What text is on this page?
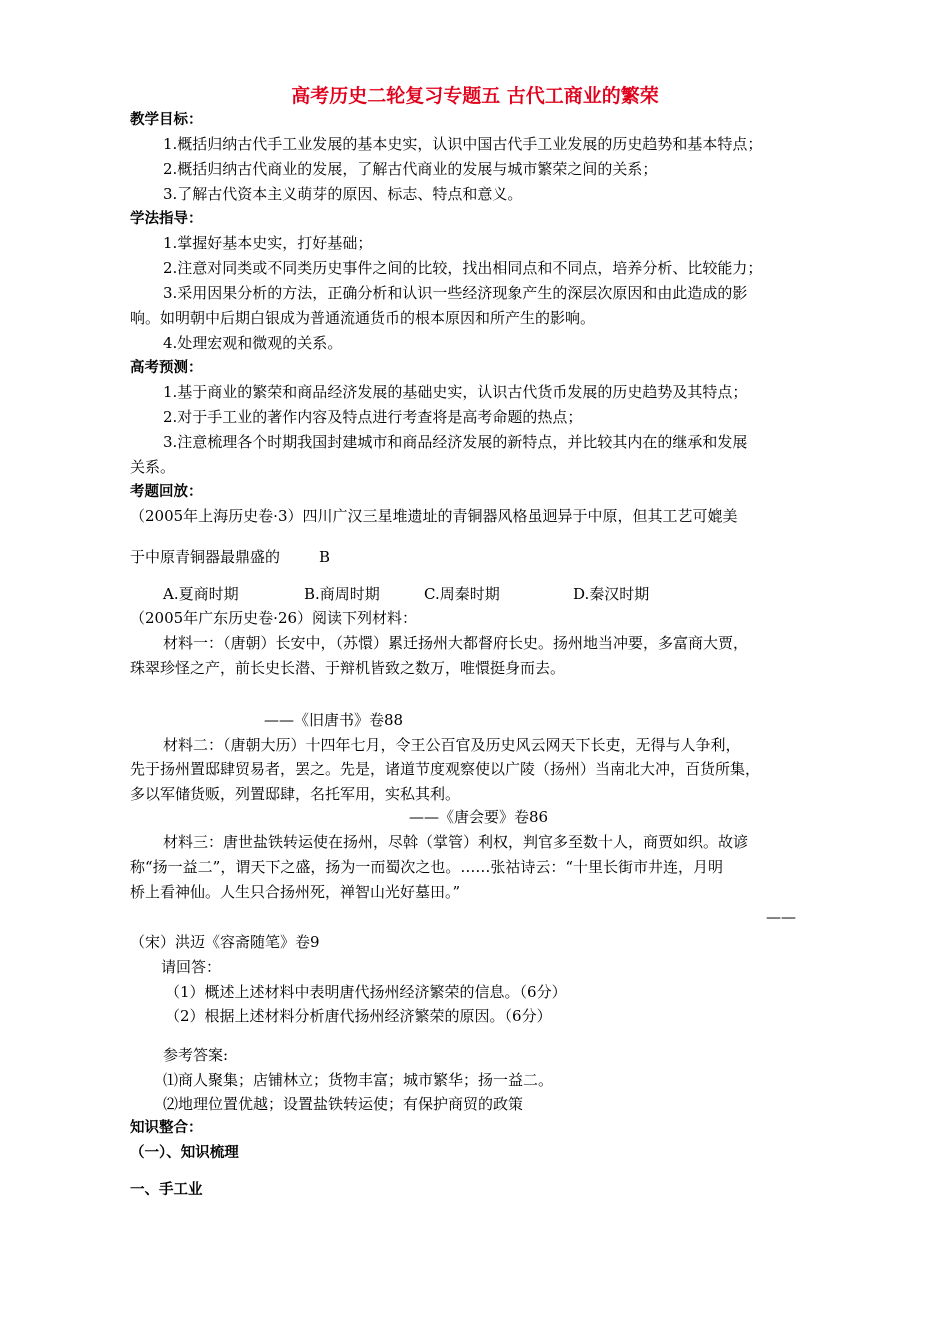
高考历史二轮复习专题五 古代工商业的繁荣
教学目标：
1.概括归纳古代手工业发展的基本史实，认识中国古代手工业发展的历史趋势和基本特点；
2.概括归纳古代商业的发展，了解古代商业的发展与城市繁荣之间的关系；
3.了解古代资本主义萌芽的原因、标志、特点和意义。
学法指导：
1.掌握好基本史实，打好基础；
2.注意对同类或不同类历史事件之间的比较，找出相同点和不同点，培养分析、比较能力；
3.采用因果分析的方法，正确分析和认识一些经济现象产生的深层次原因和由此造成的影
响。如明朝中后期白银成为普通流通货币的根本原因和所产生的影响。
4.处理宏观和微观的关系。
高考预测：
1.基于商业的繁荣和商品经济发展的基础史实，认识古代货币发展的历史趋势及其特点；
2.对于手工业的著作内容及特点进行考查将是高考命题的热点；
3.注意梳理各个时期我国封建城市和商品经济发展的新特点，并比较其内在的继承和发展
关系。
考题回放：
（2005年上海历史卷·3）四川广汉三星堆遗址的青铜器风格虽迥异于中原，但其工艺可媲美
于中原青铜器最鼎盛的	B
A.夏商时期	B.商周时期	C.周秦时期	D.秦汉时期
（2005年广东历史卷·26）阅读下列材料：
材料一：（唐朝）长安中，（苏懁）累迁扬州大都督府长史。扬州地当冲要，多富商大贾，
珠翠珍怪之产，前长史长潜、于辩机皆致之数万，唯懁挺身而去。
——《旧唐书》卷88
材料二：（唐朝大历）十四年七月，令王公百官及历史风云网天下长吏，无得与人争利，
先于扬州置邸肆贸易者，罢之。先是，诸道节度观察使以广陵（扬州）当南北大冲，百货所集，
多以军储货贩，列置邸肆，名托军用，实私其利。
——《唐会要》卷86
材料三：唐世盐铁转运使在扬州，尽斡（掌管）利权，判官多至数十人，商贾如织。故谚
称“扬一益二”，谓天下之盛，扬为一而蜀次之也。……张祜诗云：“十里长街市井连，月明
桥上看神仙。人生只合扬州死，禅智山光好墓田。”
——
（宋）洪迈《容斋随笔》卷9
请回答：
（1）概述上述材料中表明唐代扬州经济繁荣的信息。（6分）
（2）根据上述材料分析唐代扬州经济繁荣的原因。（6分）
参考答案:
⑴商人聚集；店铺林立；货物丰富；城市繁华；扬一益二。
⑵地理位置优越；设置盐铁转运使；有保护商贸的政策
知识整合：
（一）、知识梳理
一、手工业
